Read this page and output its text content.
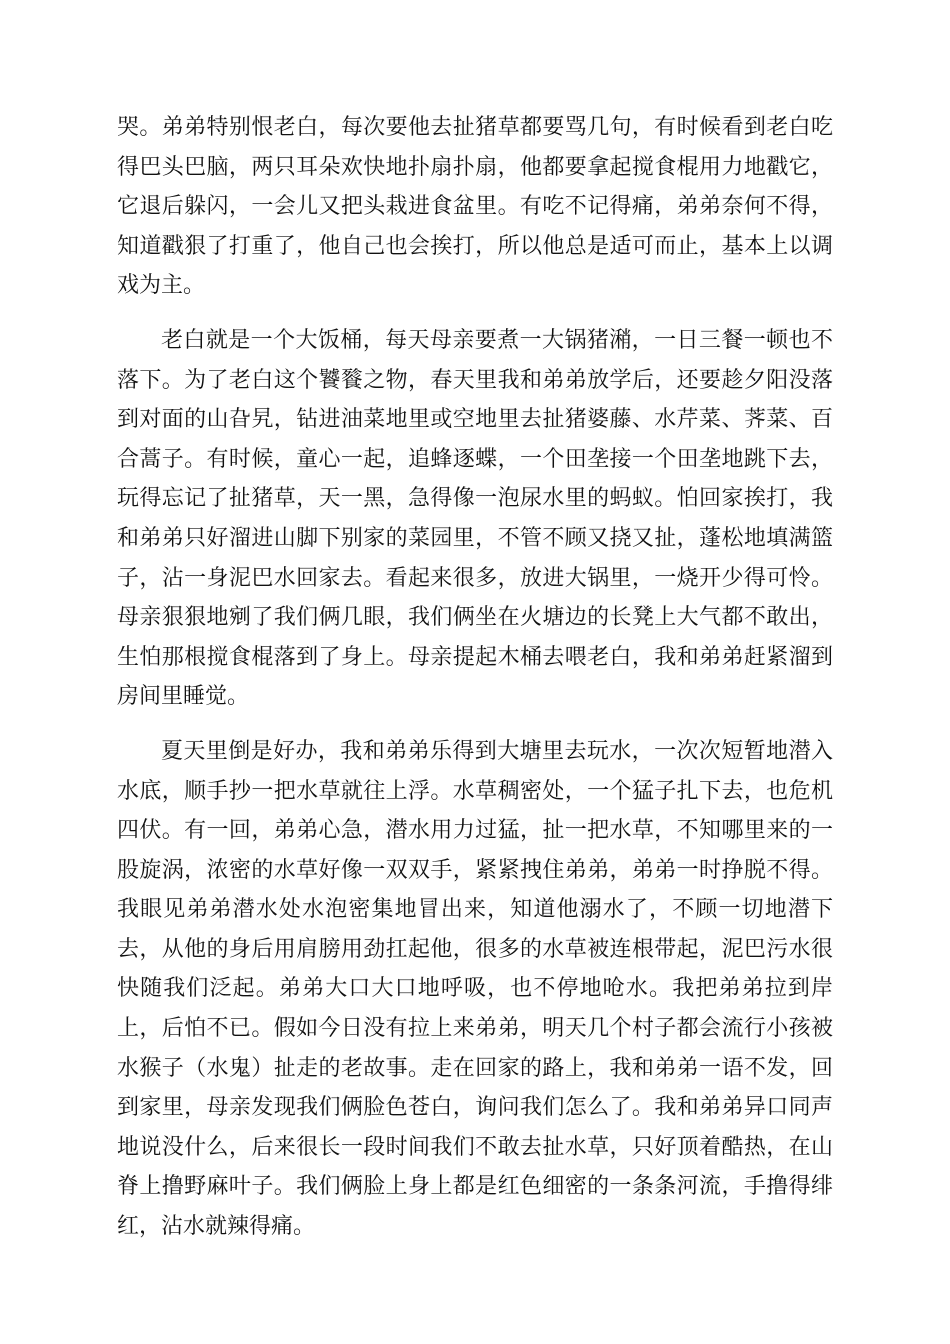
哭。弟弟特别恨老白，每次要他去扯猪草都要骂几句，有时候看到老白吃得巴头巴脑，两只耳朵欢快地扑扇扑扇，他都要拿起搅食棍用力地戳它，它退后躲闪，一会儿又把头栽进食盆里。有吃不记得痛，弟弟奈何不得，知道戳狠了打重了，他自己也会挨打，所以他总是适可而止，基本上以调戏为主。

老白就是一个大饭桶，每天母亲要煮一大锅猪潲，一日三餐一顿也不落下。为了老白这个饕餮之物，春天里我和弟弟放学后，还要趁夕阳没落到对面的山旮旯，钻进油菜地里或空地里去扯猪婆藤、水芹菜、荠菜、百合蒿子。有时候，童心一起，追蜂逐蝶，一个田垄接一个田垄地跳下去，玩得忘记了扯猪草，天一黑，急得像一泡尿水里的蚂蚁。怕回家挨打，我和弟弟只好溜进山脚下别家的菜园里，不管不顾又挠又扯，蓬松地填满篮子，沾一身泥巴水回家去。看起来很多，放进大锅里，一烧开少得可怜。母亲狠狠地剜了我们俩几眼，我们俩坐在火塘边的长凳上大气都不敢出，生怕那根搅食棍落到了身上。母亲提起木桶去喂老白，我和弟弟赶紧溜到房间里睡觉。

夏天里倒是好办，我和弟弟乐得到大塘里去玩水，一次次短暂地潜入水底，顺手抄一把水草就往上浮。水草稠密处，一个猛子扎下去，也危机四伏。有一回，弟弟心急，潜水用力过猛，扯一把水草，不知哪里来的一股旋涡，浓密的水草好像一双双手，紧紧拽住弟弟，弟弟一时挣脱不得。我眼见弟弟潜水处水泡密集地冒出来，知道他溺水了，不顾一切地潜下去，从他的身后用肩膀用劲扛起他，很多的水草被连根带起，泥巴污水很快随我们泛起。弟弟大口大口地呼吸，也不停地呛水。我把弟弟拉到岸上，后怕不已。假如今日没有拉上来弟弟，明天几个村子都会流行小孩被水猴子（水鬼）扯走的老故事。走在回家的路上，我和弟弟一语不发，回到家里，母亲发现我们俩脸色苍白，询问我们怎么了。我和弟弟异口同声地说没什么，后来很长一段时间我们不敢去扯水草，只好顶着酷热，在山脊上撸野麻叶子。我们俩脸上身上都是红色细密的一条条河流，手撸得绯红，沾水就辣得痛。
